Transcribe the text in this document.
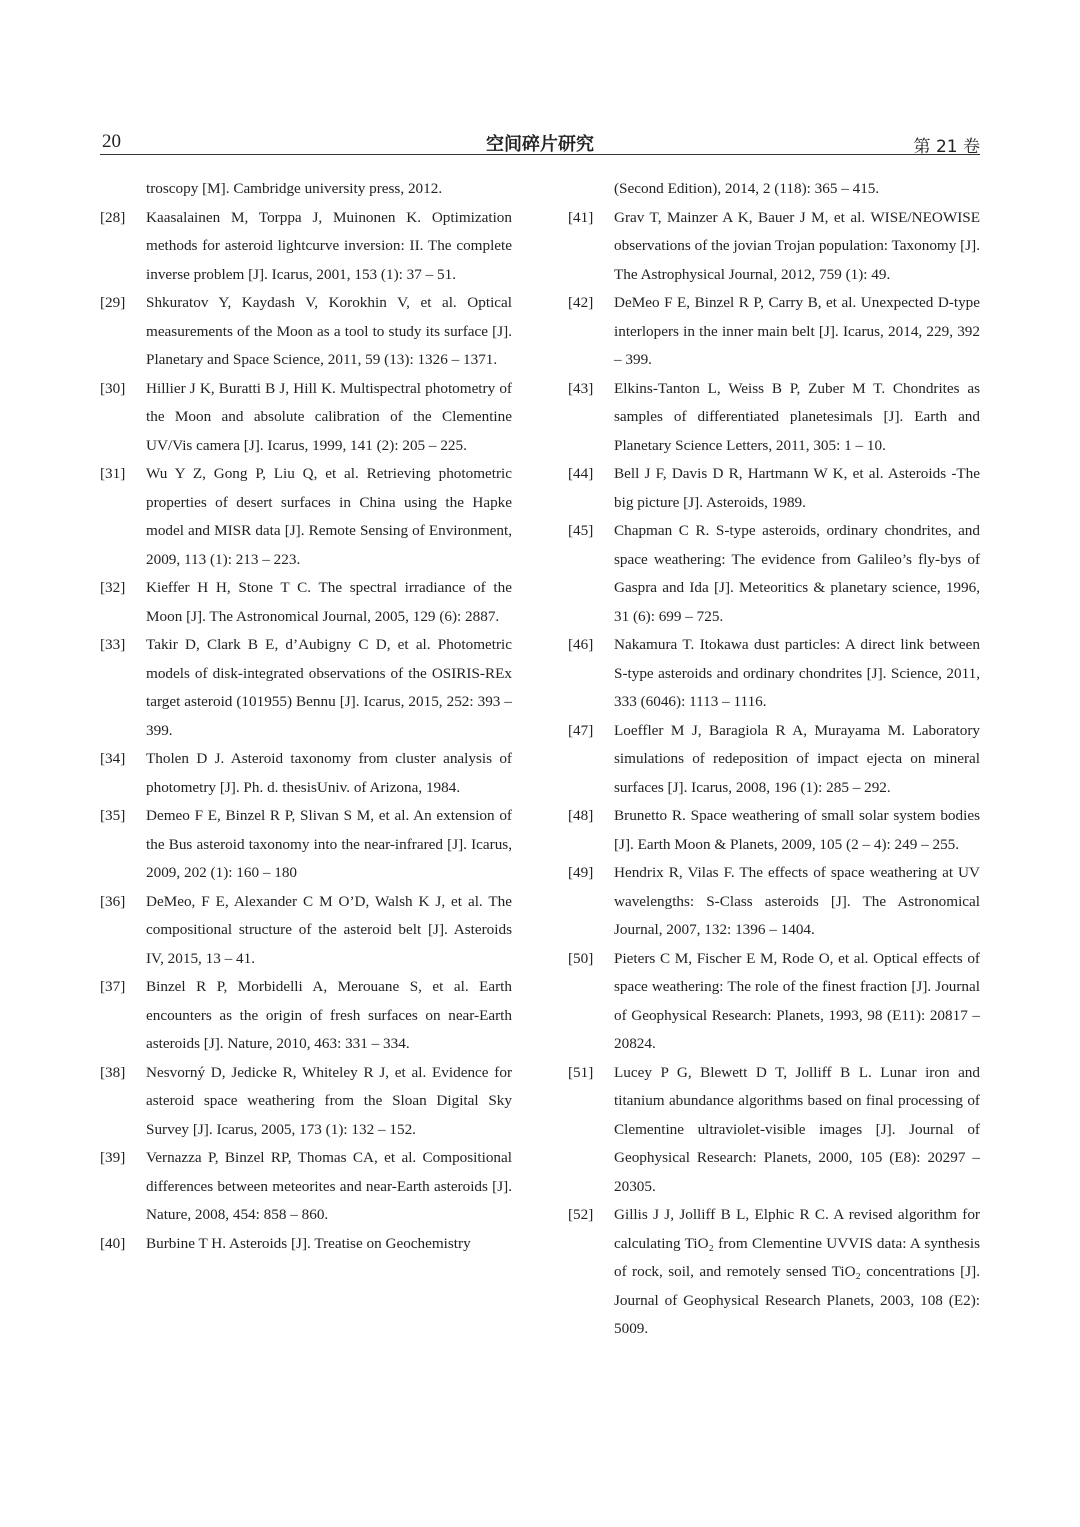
20	空间碎片研究	第 21 卷
troscopy [M]. Cambridge university press, 2012.
[28] Kaasalainen M, Torppa J, Muinonen K. Optimization methods for asteroid lightcurve inversion: II. The complete inverse problem [J]. Icarus, 2001, 153 (1): 37 – 51.
[29] Shkuratov Y, Kaydash V, Korokhin V, et al. Optical measurements of the Moon as a tool to study its surface [J]. Planetary and Space Science, 2011, 59 (13): 1326 – 1371.
[30] Hillier J K, Buratti B J, Hill K. Multispectral photometry of the Moon and absolute calibration of the Clementine UV/Vis camera [J]. Icarus, 1999, 141 (2): 205 – 225.
[31] Wu Y Z, Gong P, Liu Q, et al. Retrieving photometric properties of desert surfaces in China using the Hapke model and MISR data [J]. Remote Sensing of Environment, 2009, 113 (1): 213 – 223.
[32] Kieffer H H, Stone T C. The spectral irradiance of the Moon [J]. The Astronomical Journal, 2005, 129 (6): 2887.
[33] Takir D, Clark B E, d’Aubigny C D, et al. Photometric models of disk-integrated observations of the OSIRIS-REx target asteroid (101955) Bennu [J]. Icarus, 2015, 252: 393 – 399.
[34] Tholen D J. Asteroid taxonomy from cluster analysis of photometry [J]. Ph. d. thesisUniv. of Arizona, 1984.
[35] Demeo F E, Binzel R P, Slivan S M, et al. An extension of the Bus asteroid taxonomy into the near-infrared [J]. Icarus, 2009, 202 (1): 160 – 180
[36] DeMeo, F E, Alexander C M O’D, Walsh K J, et al. The compositional structure of the asteroid belt [J]. Asteroids IV, 2015, 13 – 41.
[37] Binzel R P, Morbidelli A, Merouane S, et al. Earth encounters as the origin of fresh surfaces on near-Earth asteroids [J]. Nature, 2010, 463: 331 – 334.
[38] Nesvorný D, Jedicke R, Whiteley R J, et al. Evidence for asteroid space weathering from the Sloan Digital Sky Survey [J]. Icarus, 2005, 173 (1): 132 – 152.
[39] Vernazza P, Binzel RP, Thomas CA, et al. Compositional differences between meteorites and near-Earth asteroids [J]. Nature, 2008, 454: 858 – 860.
[40] Burbine T H. Asteroids [J]. Treatise on Geochemistry
(Second Edition), 2014, 2 (118): 365 – 415.
[41] Grav T, Mainzer A K, Bauer J M, et al. WISE/NEOWISE observations of the jovian Trojan population: Taxonomy [J]. The Astrophysical Journal, 2012, 759 (1): 49.
[42] DeMeo F E, Binzel R P, Carry B, et al. Unexpected D-type interlopers in the inner main belt [J]. Icarus, 2014, 229, 392 – 399.
[43] Elkins-Tanton L, Weiss B P, Zuber M T. Chondrites as samples of differentiated planetesimals [J]. Earth and Planetary Science Letters, 2011, 305: 1 – 10.
[44] Bell J F, Davis D R, Hartmann W K, et al. Asteroids -The big picture [J]. Asteroids, 1989.
[45] Chapman C R. S-type asteroids, ordinary chondrites, and space weathering: The evidence from Galileo’s fly-bys of Gaspra and Ida [J]. Meteoritics & planetary science, 1996, 31 (6): 699 – 725.
[46] Nakamura T. Itokawa dust particles: A direct link between S-type asteroids and ordinary chondrites [J]. Science, 2011, 333 (6046): 1113 – 1116.
[47] Loeffler M J, Baragiola R A, Murayama M. Laboratory simulations of redeposition of impact ejecta on mineral surfaces [J]. Icarus, 2008, 196 (1): 285 – 292.
[48] Brunetto R. Space weathering of small solar system bodies [J]. Earth Moon & Planets, 2009, 105 (2 – 4): 249 – 255.
[49] Hendrix R, Vilas F. The effects of space weathering at UV wavelengths: S-Class asteroids [J]. The Astronomical Journal, 2007, 132: 1396 – 1404.
[50] Pieters C M, Fischer E M, Rode O, et al. Optical effects of space weathering: The role of the finest fraction [J]. Journal of Geophysical Research: Planets, 1993, 98 (E11): 20817 – 20824.
[51] Lucey P G, Blewett D T, Jolliff B L. Lunar iron and titanium abundance algorithms based on final processing of Clementine ultraviolet-visible images [J]. Journal of Geophysical Research: Planets, 2000, 105 (E8): 20297 – 20305.
[52] Gillis J J, Jolliff B L, Elphic R C. A revised algorithm for calculating TiO₂ from Clementine UVVIS data: A synthesis of rock, soil, and remotely sensed TiO₂ concentrations [J]. Journal of Geophysical Research Planets, 2003, 108 (E2): 5009.
